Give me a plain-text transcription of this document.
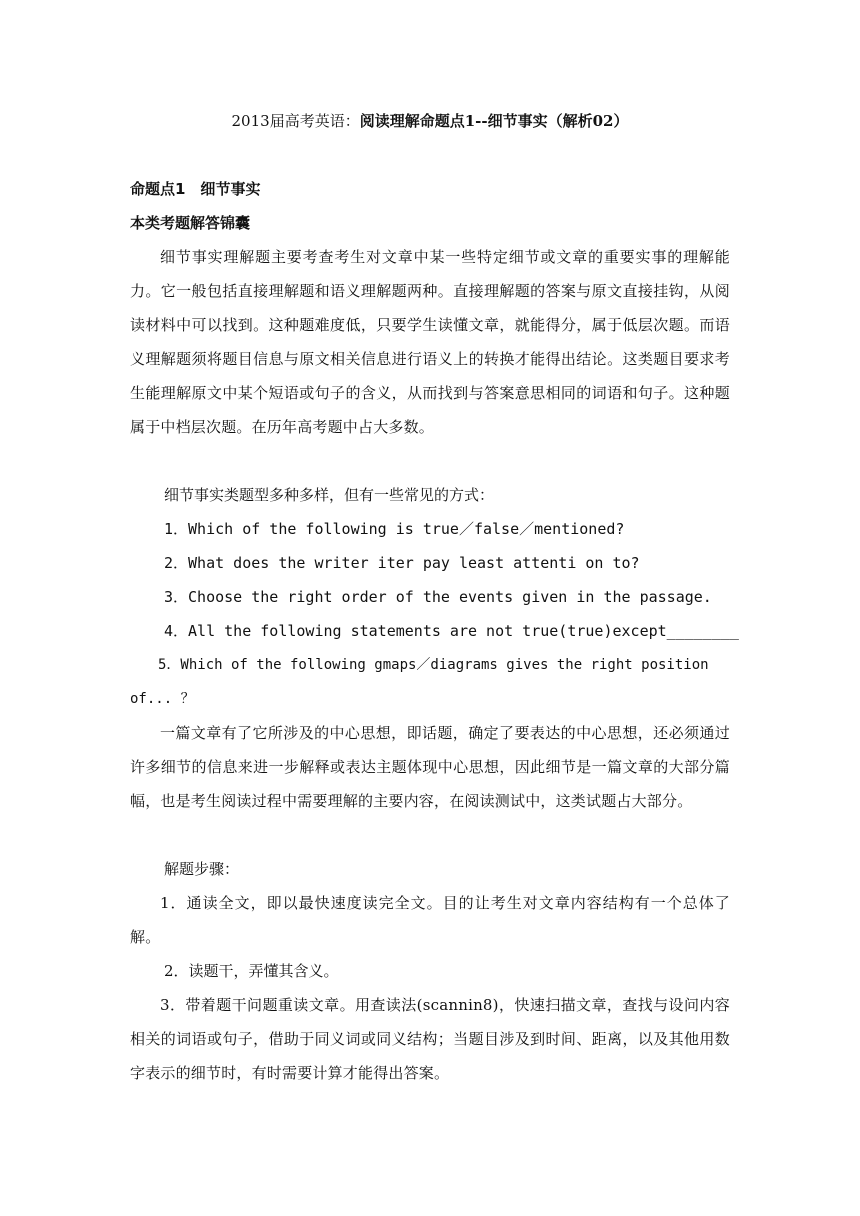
2013届高考英语：阅读理解命题点1--细节事实（解析02）
命题点1　细节事实
本类考题解答锦囊
细节事实理解题主要考查考生对文章中某一些特定细节或文章的重要实事的理解能力。它一般包括直接理解题和语义理解题两种。直接理解题的答案与原文直接挂钩，从阅读材料中可以找到。这种题难度低，只要学生读懂文章，就能得分，属于低层次题。而语义理解题须将题目信息与原文相关信息进行语义上的转换才能得出结论。这类题目要求考生能理解原文中某个短语或句子的含义，从而找到与答案意思相同的词语和句子。这种题属于中档层次题。在历年高考题中占大多数。
细节事实类题型多种多样，但有一些常见的方式：
1．Which of the following is true／false／mentioned?
2．What does the writer iter pay least attenti on to?
3．Choose the right order of the events given in the passage.
4．All the following statements are not true(true)except________
5．Which of the following gmaps／diagrams gives the right position of... ？
一篇文章有了它所涉及的中心思想，即话题，确定了要表达的中心思想，还必须通过许多细节的信息来进一步解释或表达主题体现中心思想，因此细节是一篇文章的大部分篇幅，也是考生阅读过程中需要理解的主要内容，在阅读测试中，这类试题占大部分。
解题步骤：
1．通读全文，即以最快速度读完全文。目的让考生对文章内容结构有一个总体了解。
2．读题干，弄懂其含义。
3．带着题干问题重读文章。用查读法(scannin8)，快速扫描文章，查找与设问内容相关的词语或句子，借助于同义词或同义结构；当题目涉及到时间、距离，以及其他用数字表示的细节时，有时需要计算才能得出答案。
